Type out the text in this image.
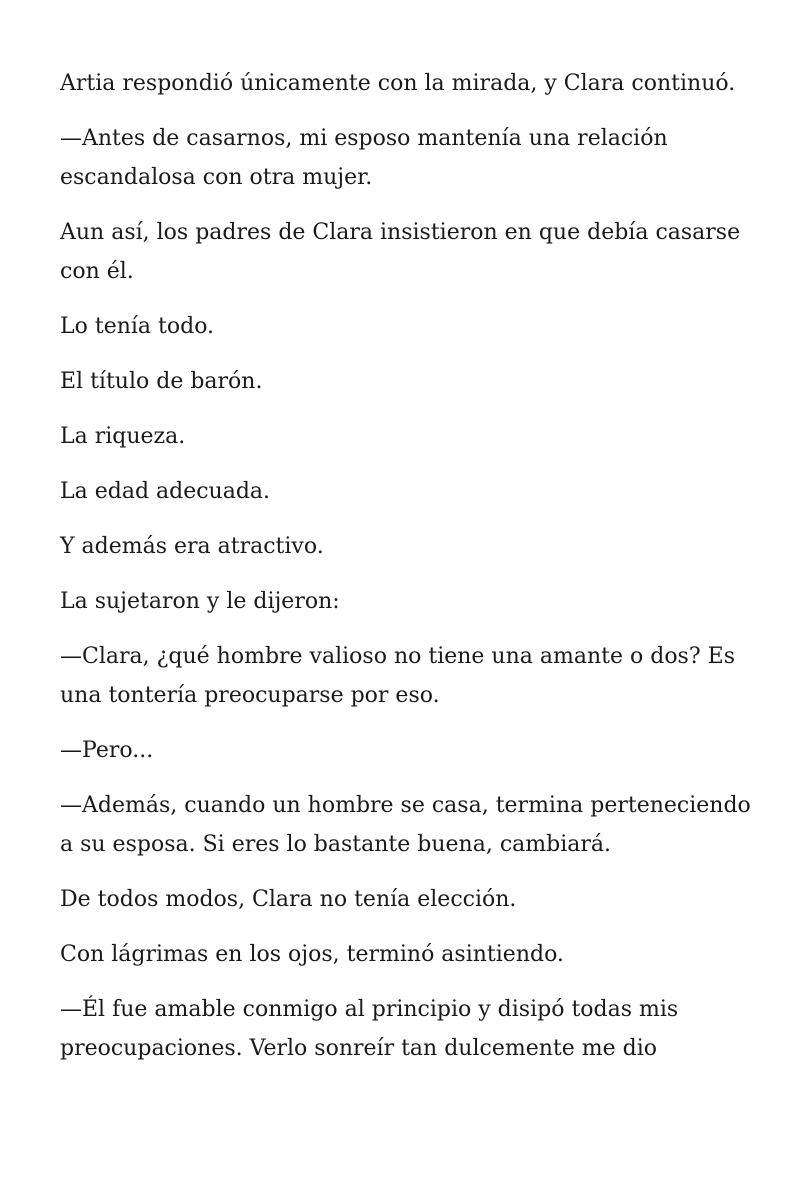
Artia respondió únicamente con la mirada, y Clara continuó.

—Antes de casarnos, mi esposo mantenía una relación escandalosa con otra mujer.

Aun así, los padres de Clara insistieron en que debía casarse con él.

Lo tenía todo.

El título de barón.

La riqueza.

La edad adecuada.

Y además era atractivo.

La sujetaron y le dijeron:

—Clara, ¿qué hombre valioso no tiene una amante o dos? Es una tontería preocuparse por eso.

—Pero...

—Además, cuando un hombre se casa, termina perteneciendo a su esposa. Si eres lo bastante buena, cambiará.

De todos modos, Clara no tenía elección.

Con lágrimas en los ojos, terminó asintiendo.

—Él fue amable conmigo al principio y disipó todas mis preocupaciones. Verlo sonreír tan dulcemente me dio
